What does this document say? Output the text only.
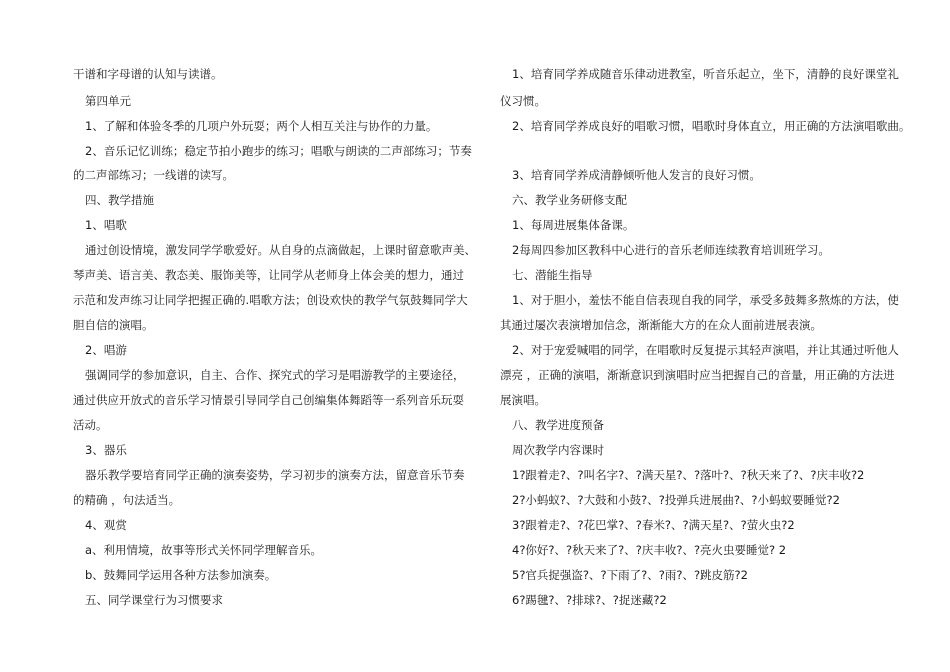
干谱和字母谱的认知与读谱。
第四单元
1、了解和体验冬季的几项户外玩耍；两个人相互关注与协作的力量。
2、音乐记忆训练；稳定节拍小跑步的练习；唱歌与朗读的二声部练习；节奏
的二声部练习；一线谱的读写。
四、教学措施
1、唱歌
通过创设情境，激发同学学歌爱好。从自身的点滴做起，上课时留意歌声美、
琴声美、语言美、教态美、服饰美等，让同学从老师身上体会美的想力，通过
示范和发声练习让同学把握正确的.唱歌方法；创设欢快的教学气氛鼓舞同学大
胆自信的演唱。
2、唱游
强调同学的参加意识，自主、合作、探究式的学习是唱游教学的主要途径，
通过供应开放式的音乐学习情景引导同学自己创编集体舞蹈等一系列音乐玩耍
活动。
3、器乐
器乐教学要培育同学正确的演奏姿势，学习初步的演奏方法，留意音乐节奏
的精确 ，句法适当。
4、观赏
a、利用情境，故事等形式关怀同学理解音乐。
b、鼓舞同学运用各种方法参加演奏。
五、同学课堂行为习惯要求
1、培育同学养成随音乐律动进教室，听音乐起立，坐下，清静的良好课堂礼
仪习惯。
2、培育同学养成良好的唱歌习惯，唱歌时身体直立，用正确的方法演唱歌曲。
3、培育同学养成清静倾听他人发言的良好习惯。
六、教学业务研修支配
1、每周进展集体备课。
2每周四参加区教科中心进行的音乐老师连续教育培训班学习。
七、潜能生指导
1、对于胆小，羞怯不能自信表现自我的同学，承受多鼓舞多熬炼的方法，使
其通过屡次表演增加信念，渐渐能大方的在众人面前进展表演。
2、对于宠爱喊唱的同学，在唱歌时反复提示其轻声演唱，并让其通过听他人
漂亮 ，正确的演唱，渐渐意识到演唱时应当把握自己的音量，用正确的方法进
展演唱。
八、教学进度预备
周次教学内容课时
1?跟着走?、?叫名字?、?满天星?、?落叶?、?秋天来了?、?庆丰收?2
2?小蚂蚁?、?大鼓和小鼓?、?投弹兵进展曲?、?小蚂蚁要睡觉?2
3?跟着走?、?花巴掌?、?春米?、?满天星?、?萤火虫?2
4?你好?、?秋天来了?、?庆丰收?、?亮火虫要睡觉? 2
5?官兵捉强盗?、?下雨了?、?雨?、?跳皮筋?2
6?踢毽?、?排球?、?捉迷藏?2
